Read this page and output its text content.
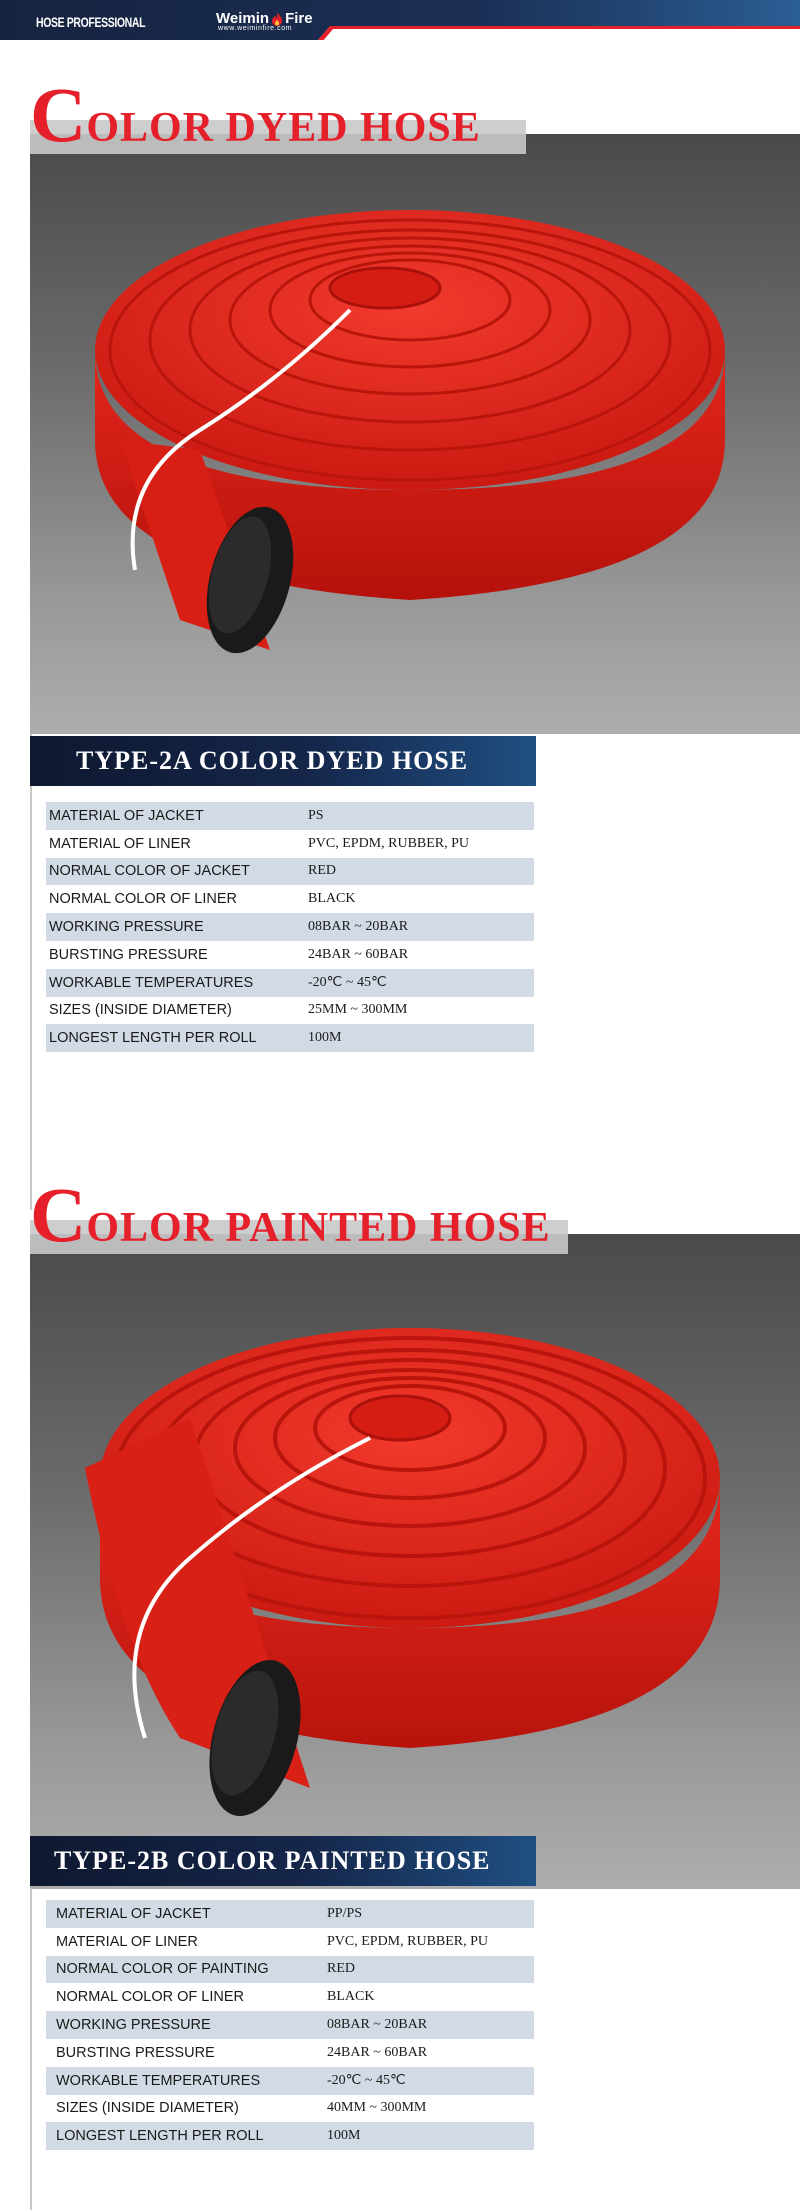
HOSE PROFESSIONAL	Weimin Fire
www.weiminfire.com
COLOR DYED HOSE
TYPE-2A COLOR DYED HOSE
MATERIAL OF JACKET	PS
MATERIAL OF LINER	PVC, EPDM, RUBBER, PU
NORMAL COLOR OF JACKET	RED
NORMAL COLOR OF LINER	BLACK
WORKING PRESSURE	08BAR ~ 20BAR
BURSTING PRESSURE	24BAR ~ 60BAR
WORKABLE TEMPERATURES	-20℃ ~ 45℃
SIZES (INSIDE DIAMETER)	25MM ~ 300MM
LONGEST LENGTH PER ROLL	100M
COLOR PAINTED HOSE
TYPE-2B COLOR PAINTED HOSE
MATERIAL OF JACKET	PP/PS
MATERIAL OF LINER	PVC, EPDM, RUBBER, PU
NORMAL COLOR OF PAINTING	RED
NORMAL COLOR OF LINER	BLACK
WORKING PRESSURE	08BAR ~ 20BAR
BURSTING PRESSURE	24BAR ~ 60BAR
WORKABLE TEMPERATURES	-20℃ ~ 45℃
SIZES (INSIDE DIAMETER)	40MM ~ 300MM
LONGEST LENGTH PER ROLL	100M
